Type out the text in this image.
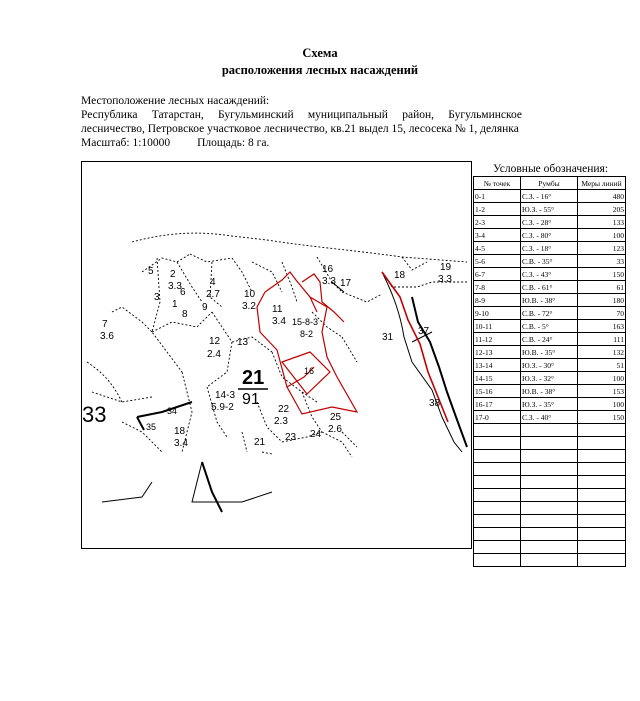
Схема
расположения лесных насаждений
Местоположение лесных насаждений:
Республика Татарстан, Бугульминский муниципальный район, Бугульминское
лесничество, Петровское участковое лесничество, кв.21 выдел 15, лесосека № 1, делянка
Масштаб: 1:10000 Площадь: 8 га.
2
3.3	4
2.7
6
8
9
10
3.2 11
3.4
12
2.4
13
14-3
5.9-2
15-8-3
8-2
16
16
3.3 17
18
19
3.3
22
2.3
23 24
25
2.6
7
3.6
5
3
1
31
33	34
35
37
38
18
3.4	21
21
91
Условные обозначения:
№ точек	Румбы	Меры линий
0-1	С.З. - 16°	480
1-2	Ю.З. - 55°	205
2-3	С.З. - 28°	133
3-4	С.З. - 80°	100
4-5	С.З. - 18°	123
5-6	С.В. - 35°	33
6-7	С.З. - 43°	150
7-8	С.В. - 61°	61
8-9	Ю.В. - 38°	180
9-10	С.В. - 72°	70
10-11	С.В. - 5°	163
11-12	С.В. - 24°	111
12-13	Ю.В. - 35°	132
13-14	Ю.З. - 30°	51
14-15	Ю.З. - 32°	100
15-16	Ю.В. - 38°	153
16-17	Ю.З. - 35°	100
17-0	С.З. - 40°	150
